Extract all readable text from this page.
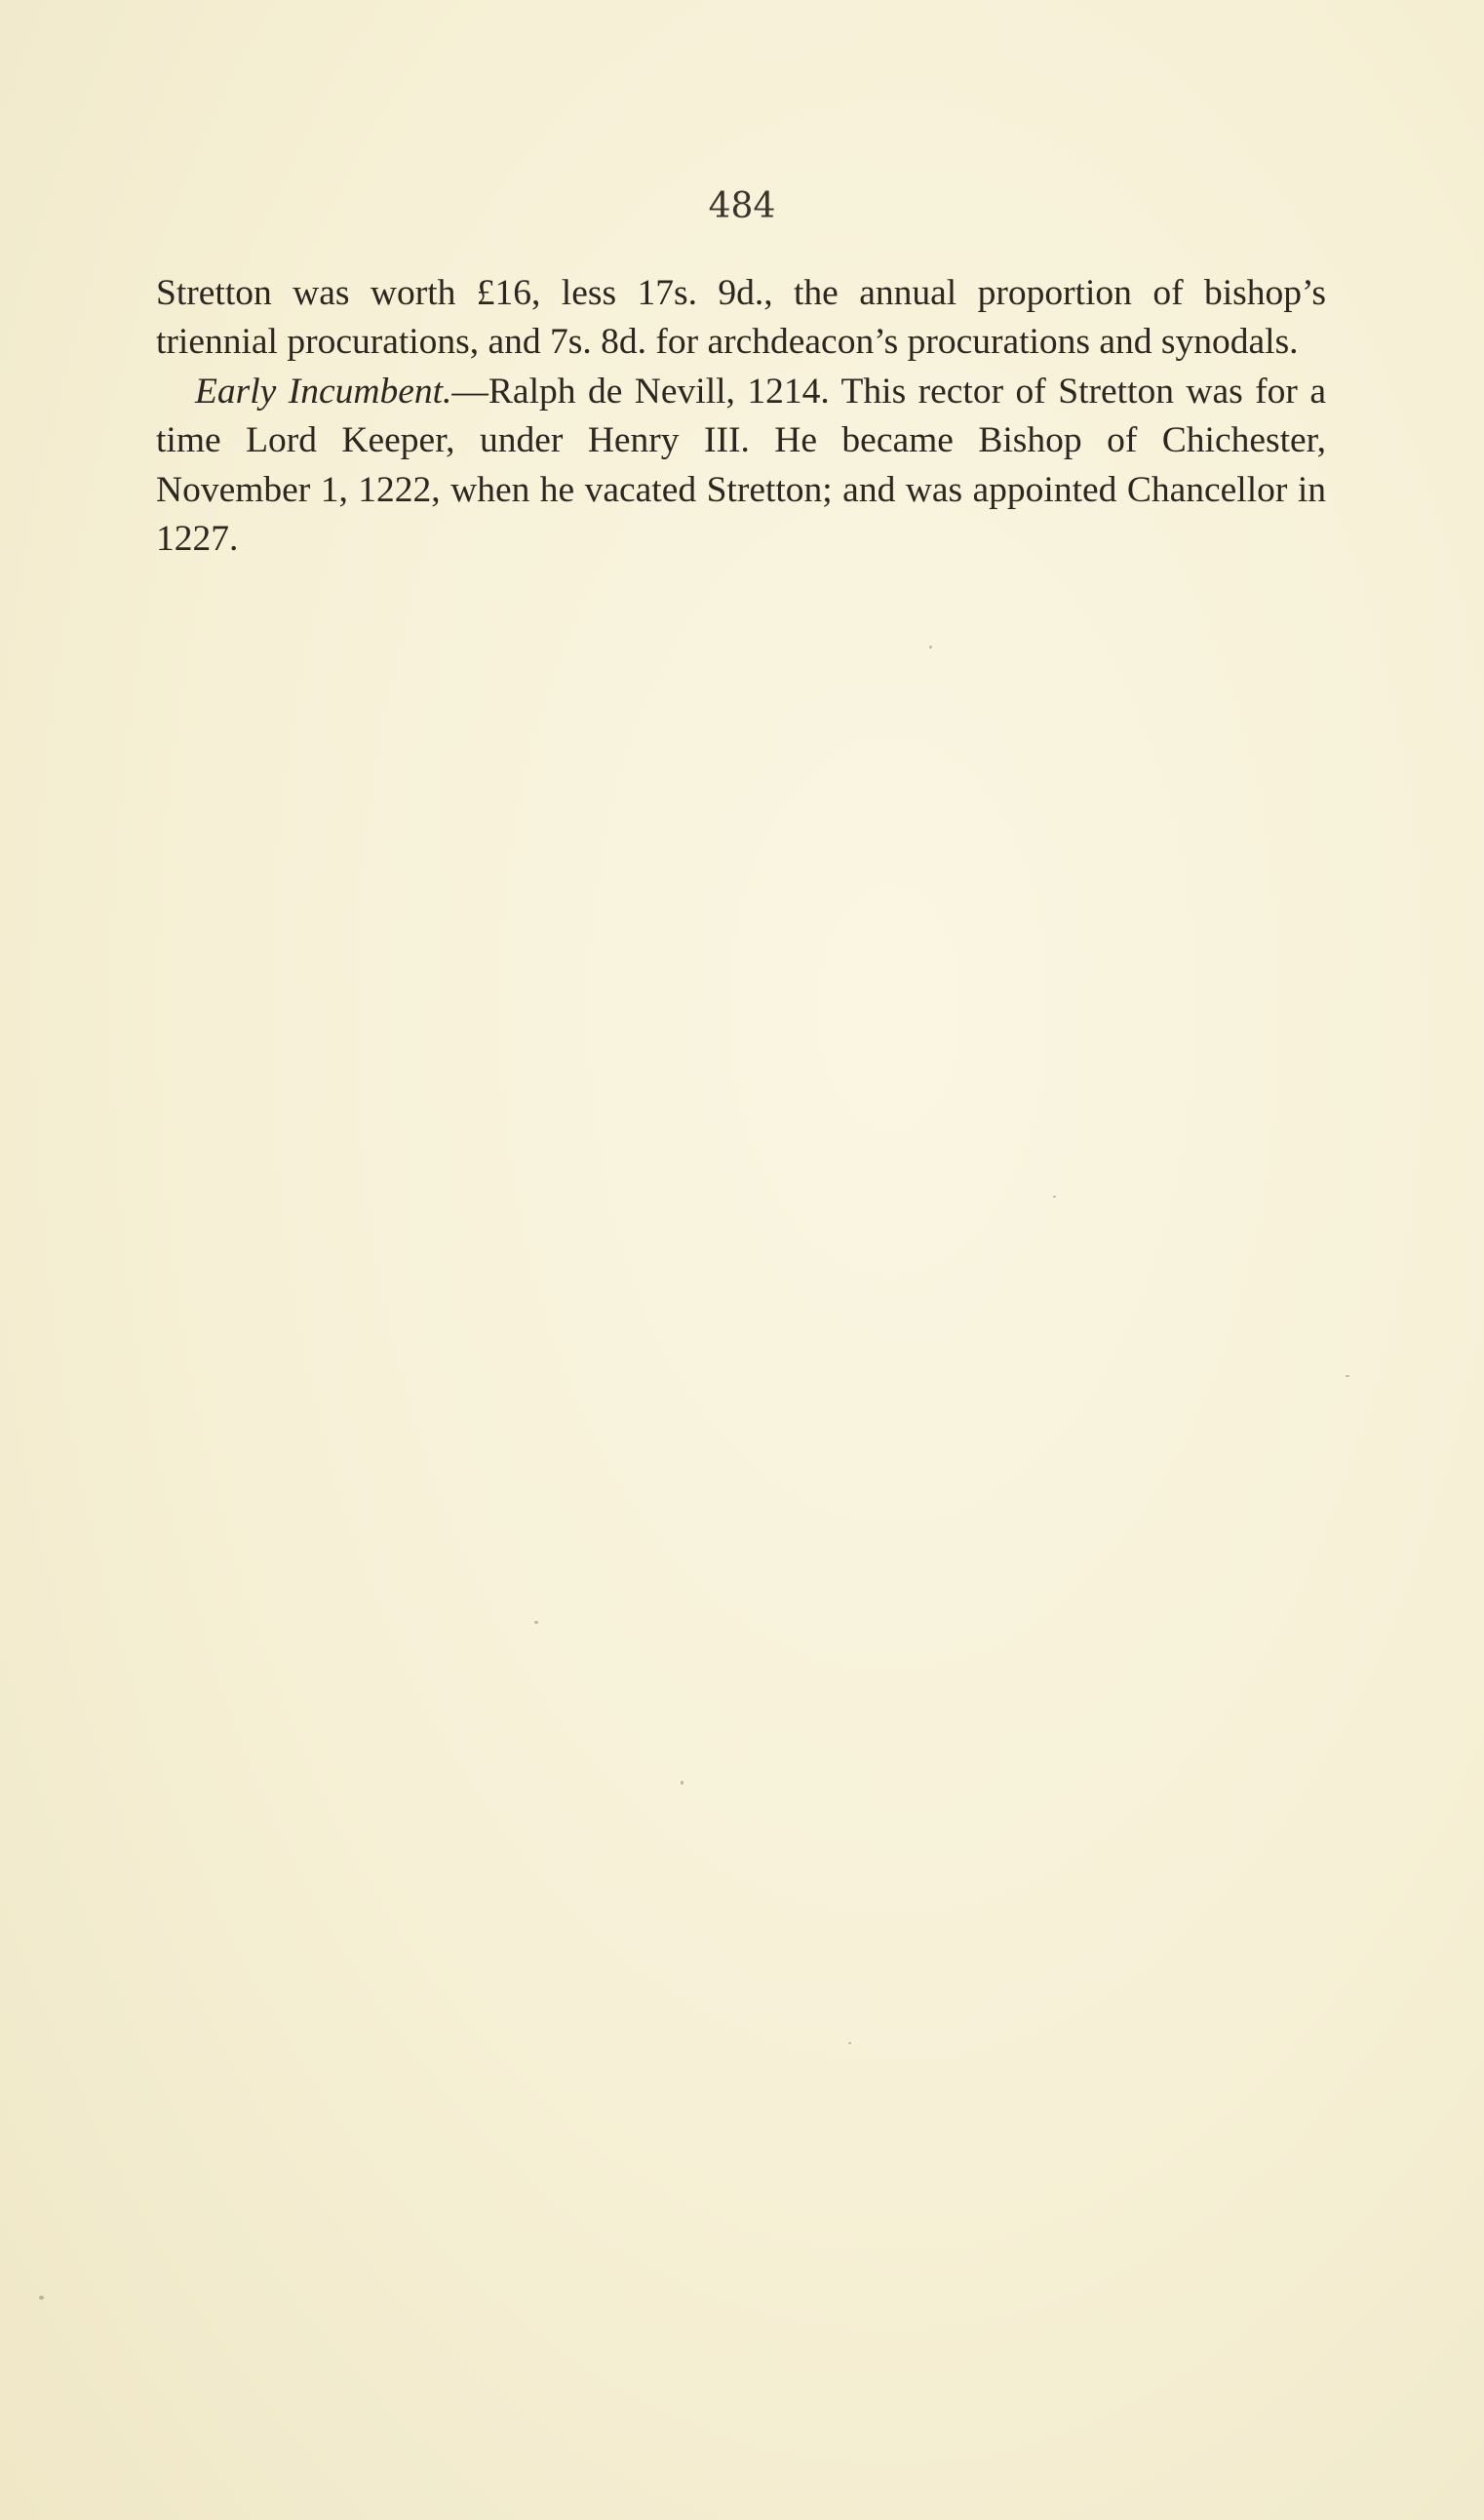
484

Stretton was worth £16, less 17s. 9d., the annual proportion of bishop’s triennial procurations, and 7s. 8d. for archdeacon’s procurations and synodals.

Early Incumbent.—Ralph de Nevill, 1214. This rector of Stretton was for a time Lord Keeper, under Henry III. He became Bishop of Chichester, November 1, 1222, when he vacated Stretton; and was appointed Chancellor in 1227.
